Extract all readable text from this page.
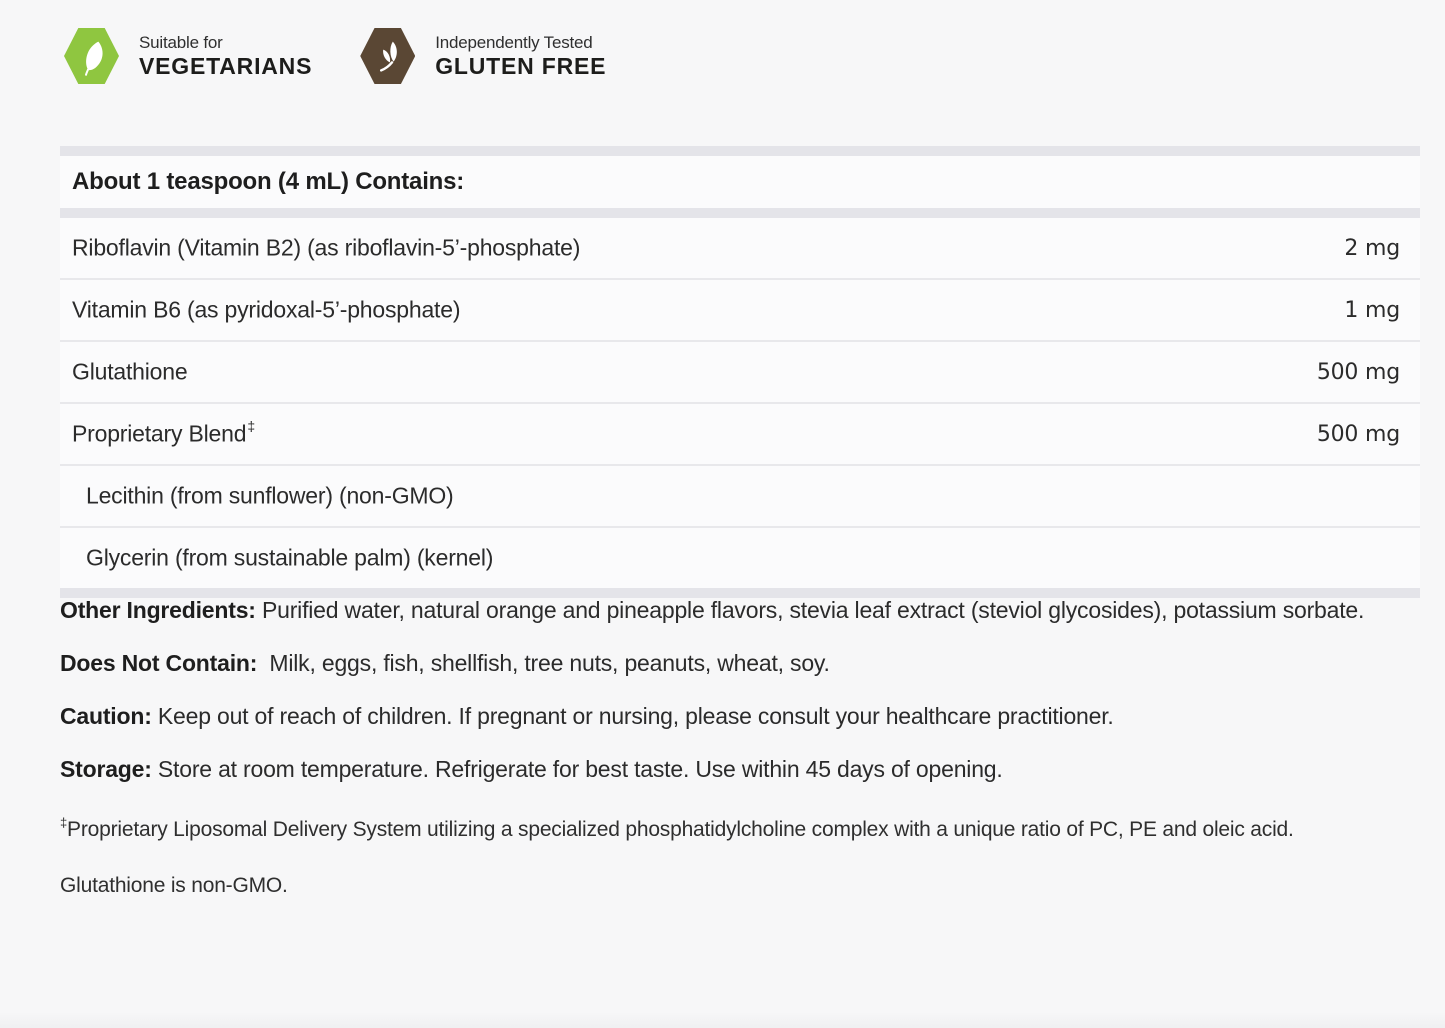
Suitable for
VEGETARIANS
Independently Tested
GLUTEN FREE
About 1 teaspoon (4 mL) Contains:
Riboflavin (Vitamin B2) (as riboflavin-5’-phosphate)	2 mg
Vitamin B6 (as pyridoxal-5’-phosphate)	1 mg
Glutathione	500 mg
Proprietary Blend‡	500 mg
Lecithin (from sunflower) (non-GMO)
Glycerin (from sustainable palm) (kernel)

Other Ingredients: Purified water, natural orange and pineapple flavors, stevia leaf extract (steviol glycosides), potassium sorbate.

Does Not Contain: Milk, eggs, fish, shellfish, tree nuts, peanuts, wheat, soy.

Caution: Keep out of reach of children. If pregnant or nursing, please consult your healthcare practitioner.

Storage: Store at room temperature. Refrigerate for best taste. Use within 45 days of opening.

‡Proprietary Liposomal Delivery System utilizing a specialized phosphatidylcholine complex with a unique ratio of PC, PE and oleic acid.

Glutathione is non-GMO.
